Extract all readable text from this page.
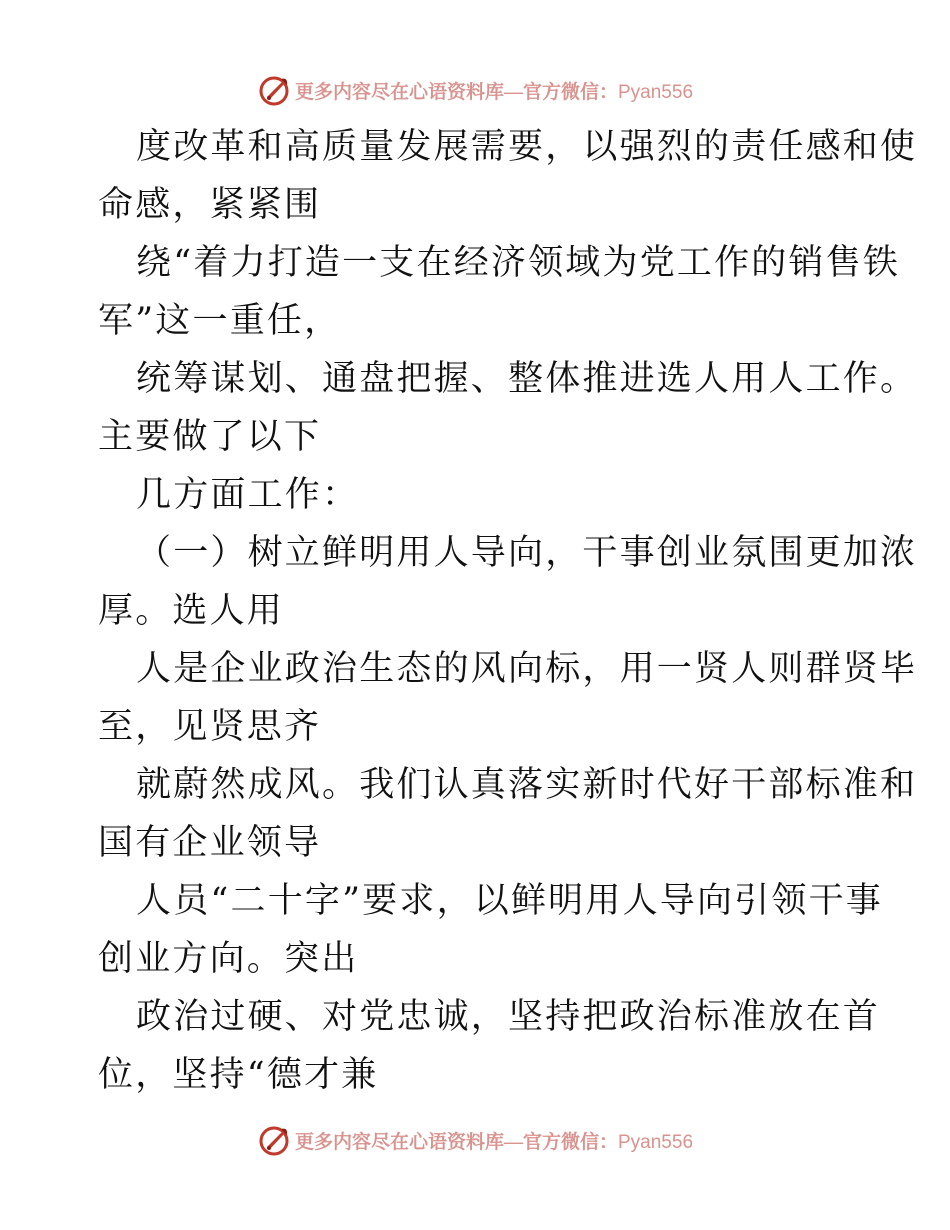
更多内容尽在心语资料库—官方微信：Pyan556
度改革和高质量发展需要，以强烈的责任感和使
命感，紧紧围
绕“着力打造一支在经济领域为党工作的销售铁
军”这一重任，
统筹谋划、通盘把握、整体推进选人用人工作。
主要做了以下
几方面工作：
（一）树立鲜明用人导向，干事创业氛围更加浓
厚。选人用
人是企业政治生态的风向标，用一贤人则群贤毕
至，见贤思齐
就蔚然成风。我们认真落实新时代好干部标准和
国有企业领导
人员“二十字”要求，以鲜明用人导向引领干事
创业方向。突出
政治过硬、对党忠诚，坚持把政治标准放在首
位，坚持“德才兼
更多内容尽在心语资料库—官方微信：Pyan556
